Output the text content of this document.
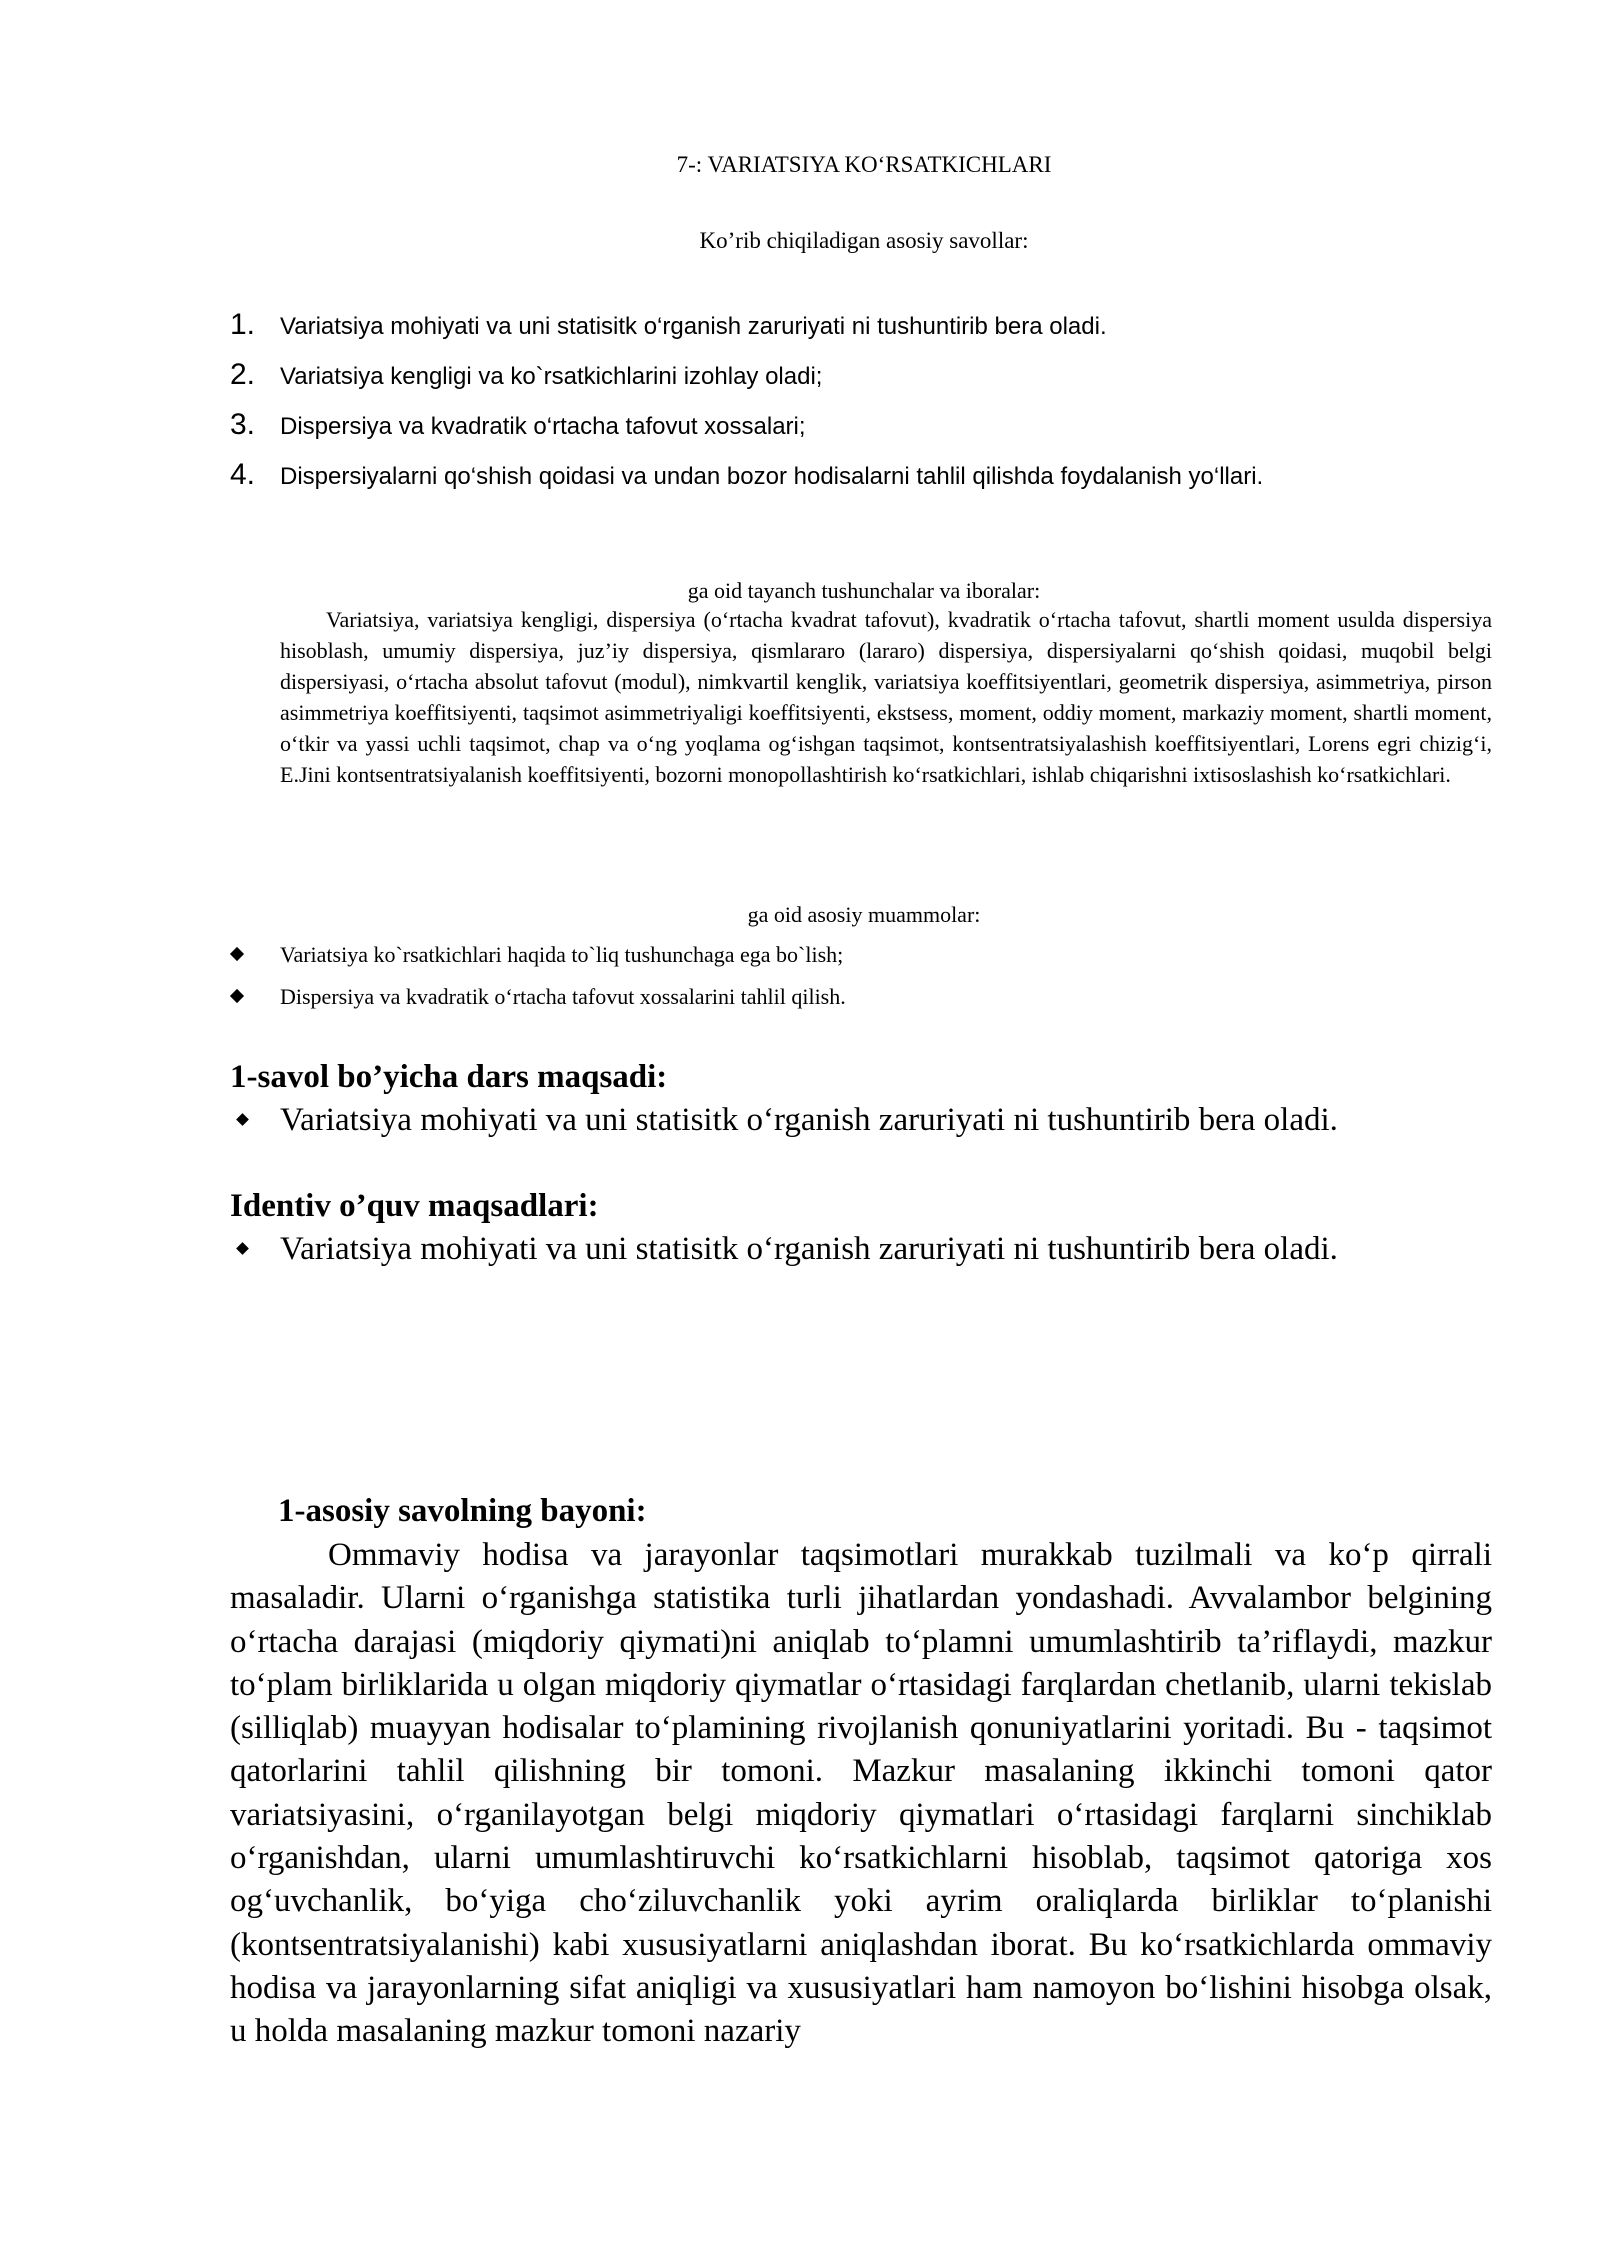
7-: VARIATSIYA KO‘RSATKICHLARI
Ko’rib chiqiladigan asosiy savollar:
1. Variatsiya mohiyati va uni statisitk o‘rganish zaruriyati ni tushuntirib bera oladi.
2. Variatsiya kengligi va ko`rsatkichlarini izohlay oladi;
3. Dispersiya va kvadratik o‘rtacha tafovut xossalari;
4. Dispersiyalarni qo‘shish qoidasi va undan bozor hodisalarni tahlil qilishda foydalanish yo‘llari.
ga oid tayanch tushunchalar va iboralar:

Variatsiya, variatsiya kengligi, dispersiya (o‘rtacha kvadrat tafovut), kvadratik o‘rtacha tafovut, shartli moment usulda dispersiya hisoblash, umumiy dispersiya, juz’iy dispersiya, qismlararo (lararo) dispersiya, dispersiyalarni qo‘shish qoidasi, muqobil belgi dispersiyasi, o‘rtacha absolut tafovut (modul), nimkvartil kenglik, variatsiya koeffitsiyentlari, geometrik dispersiya, asimmetriya, pirson asimmetriya koeffitsiyenti, taqsimot asimmetriyaligi koeffitsiyenti, ekstsess, moment, oddiy moment, markaziy moment, shartli moment, o‘tkir va yassi uchli taqsimot, chap va o‘ng yoqlama og‘ishgan taqsimot, kontsentratsiyalashish koeffitsiyentlari, Lorens egri chizig‘i, E.Jini kontsentratsiyalanish koeffitsiyenti, bozorni monopollashtirish ko‘rsatkichlari, ishlab chiqarishni ixtisoslashish ko‘rsatkichlari.

ga oid asosiy muammolar:
Variatsiya ko`rsatkichlari haqida to`liq tushunchaga ega bo`lish;
Dispersiya va kvadratik o‘rtacha tafovut xossalarini tahlil qilish.
1-savol bo’yicha dars maqsadi:
Variatsiya mohiyati va uni statisitk o‘rganish zaruriyati ni tushuntirib bera oladi.
Identiv o’quv maqsadlari:
Variatsiya mohiyati va uni statisitk o‘rganish zaruriyati ni tushuntirib bera oladi.
1-asosiy savolning bayoni:

Ommaviy hodisa va jarayonlar taqsimotlari murakkab tuzilmali va ko‘p qirrali masaladir. Ularni o‘rganishga statistika turli jihatlardan yondashadi. Avvalambor belgining o‘rtacha darajasi (miqdoriy qiymati)ni aniqlab to‘plamni umumlashtirib ta’riflaydi, mazkur to‘plam birliklarida u olgan miqdoriy qiymatlar o‘rtasidagi farqlardan chetlanib, ularni tekislab (silliqlab) muayyan hodisalar to‘plamining rivojlanish qonuniyatlarini yoritadi. Bu - taqsimot qatorlarini tahlil qilishning bir tomoni. Mazkur masalaning ikkinchi tomoni qator variatsiyasini, o‘rganilayotgan belgi miqdoriy qiymatlari o‘rtasidagi farqlarni sinchiklab o‘rganishdan, ularni umumlashtiruvchi ko‘rsatkichlarni hisoblab, taqsimot qatoriga xos og‘uvchanlik, bo‘yiga cho‘ziluvchanlik yoki ayrim oraliqlarda birliklar to‘planishi (kontsentratsiyalanishi) kabi xususiyatlarni aniqlashdan iborat. Bu ko‘rsatkichlarda ommaviy hodisa va jarayonlarning sifat aniqligi va xususiyatlari ham namoyon bo‘lishini hisobga olsak, u holda masalaning mazkur tomoni nazariy
